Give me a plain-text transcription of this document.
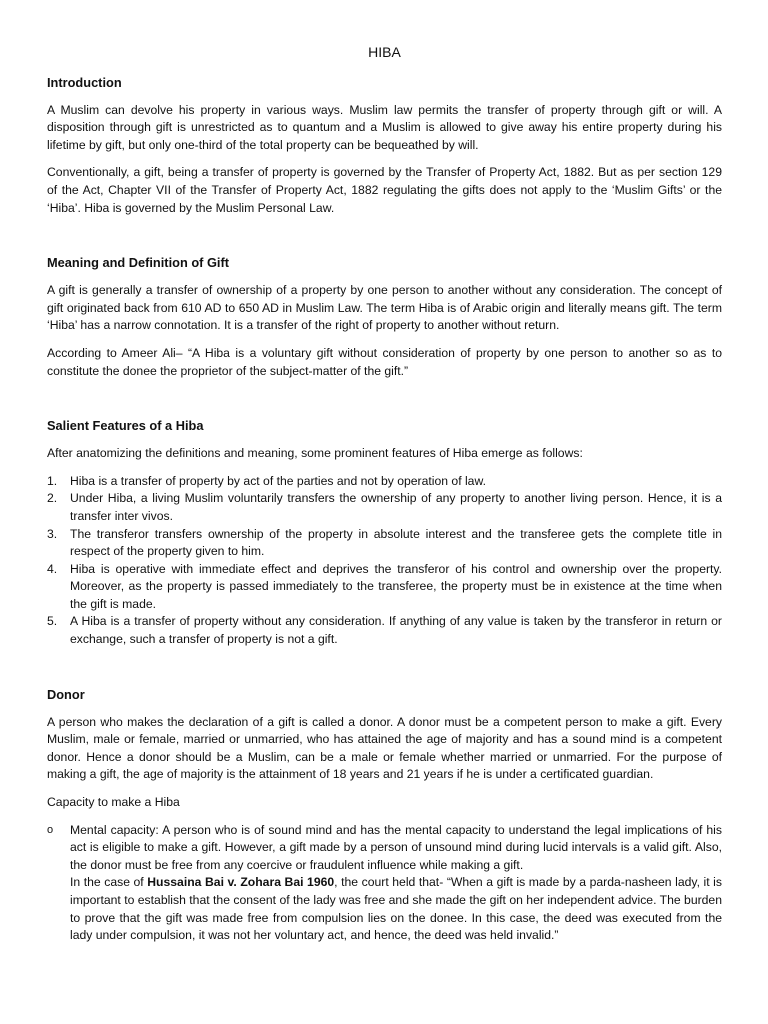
HIBA
Introduction

A Muslim can devolve his property in various ways. Muslim law permits the transfer of property through gift or will. A disposition through gift is unrestricted as to quantum and a Muslim is allowed to give away his entire property during his lifetime by gift, but only one-third of the total property can be bequeathed by will.

Conventionally, a gift, being a transfer of property is governed by the Transfer of Property Act, 1882. But as per section 129 of the Act, Chapter VII of the Transfer of Property Act, 1882 regulating the gifts does not apply to the ‘Muslim Gifts’ or the ‘Hiba’. Hiba is governed by the Muslim Personal Law.

Meaning and Definition of Gift

A gift is generally a transfer of ownership of a property by one person to another without any consideration. The concept of gift originated back from 610 AD to 650 AD in Muslim Law. The term Hiba is of Arabic origin and literally means gift. The term ‘Hiba’ has a narrow connotation. It is a transfer of the right of property to another without return.

According to Ameer Ali– “A Hiba is a voluntary gift without consideration of property by one person to another so as to constitute the donee the proprietor of the subject-matter of the gift.”

Salient Features of a Hiba

After anatomizing the definitions and meaning, some prominent features of Hiba emerge as follows:

1. Hiba is a transfer of property by act of the parties and not by operation of law.
2. Under Hiba, a living Muslim voluntarily transfers the ownership of any property to another living person. Hence, it is a transfer inter vivos.
3. The transferor transfers ownership of the property in absolute interest and the transferee gets the complete title in respect of the property given to him.
4. Hiba is operative with immediate effect and deprives the transferor of his control and ownership over the property. Moreover, as the property is passed immediately to the transferee, the property must be in existence at the time when the gift is made.
5. A Hiba is a transfer of property without any consideration. If anything of any value is taken by the transferor in return or exchange, such a transfer of property is not a gift.
Donor

A person who makes the declaration of a gift is called a donor. A donor must be a competent person to make a gift. Every Muslim, male or female, married or unmarried, who has attained the age of majority and has a sound mind is a competent donor. Hence a donor should be a Muslim, can be a male or female whether married or unmarried. For the purpose of making a gift, the age of majority is the attainment of 18 years and 21 years if he is under a certificated guardian.

Capacity to make a Hiba

o Mental capacity: A person who is of sound mind and has the mental capacity to understand the legal implications of his act is eligible to make a gift. However, a gift made by a person of unsound mind during lucid intervals is a valid gift. Also, the donor must be free from any coercive or fraudulent influence while making a gift.
In the case of Hussaina Bai v. Zohara Bai 1960, the court held that- “When a gift is made by a parda-nasheen lady, it is important to establish that the consent of the lady was free and she made the gift on her independent advice. The burden to prove that the gift was made free from compulsion lies on the donee. In this case, the deed was executed from the lady under compulsion, it was not her voluntary act, and hence, the deed was held invalid.”
